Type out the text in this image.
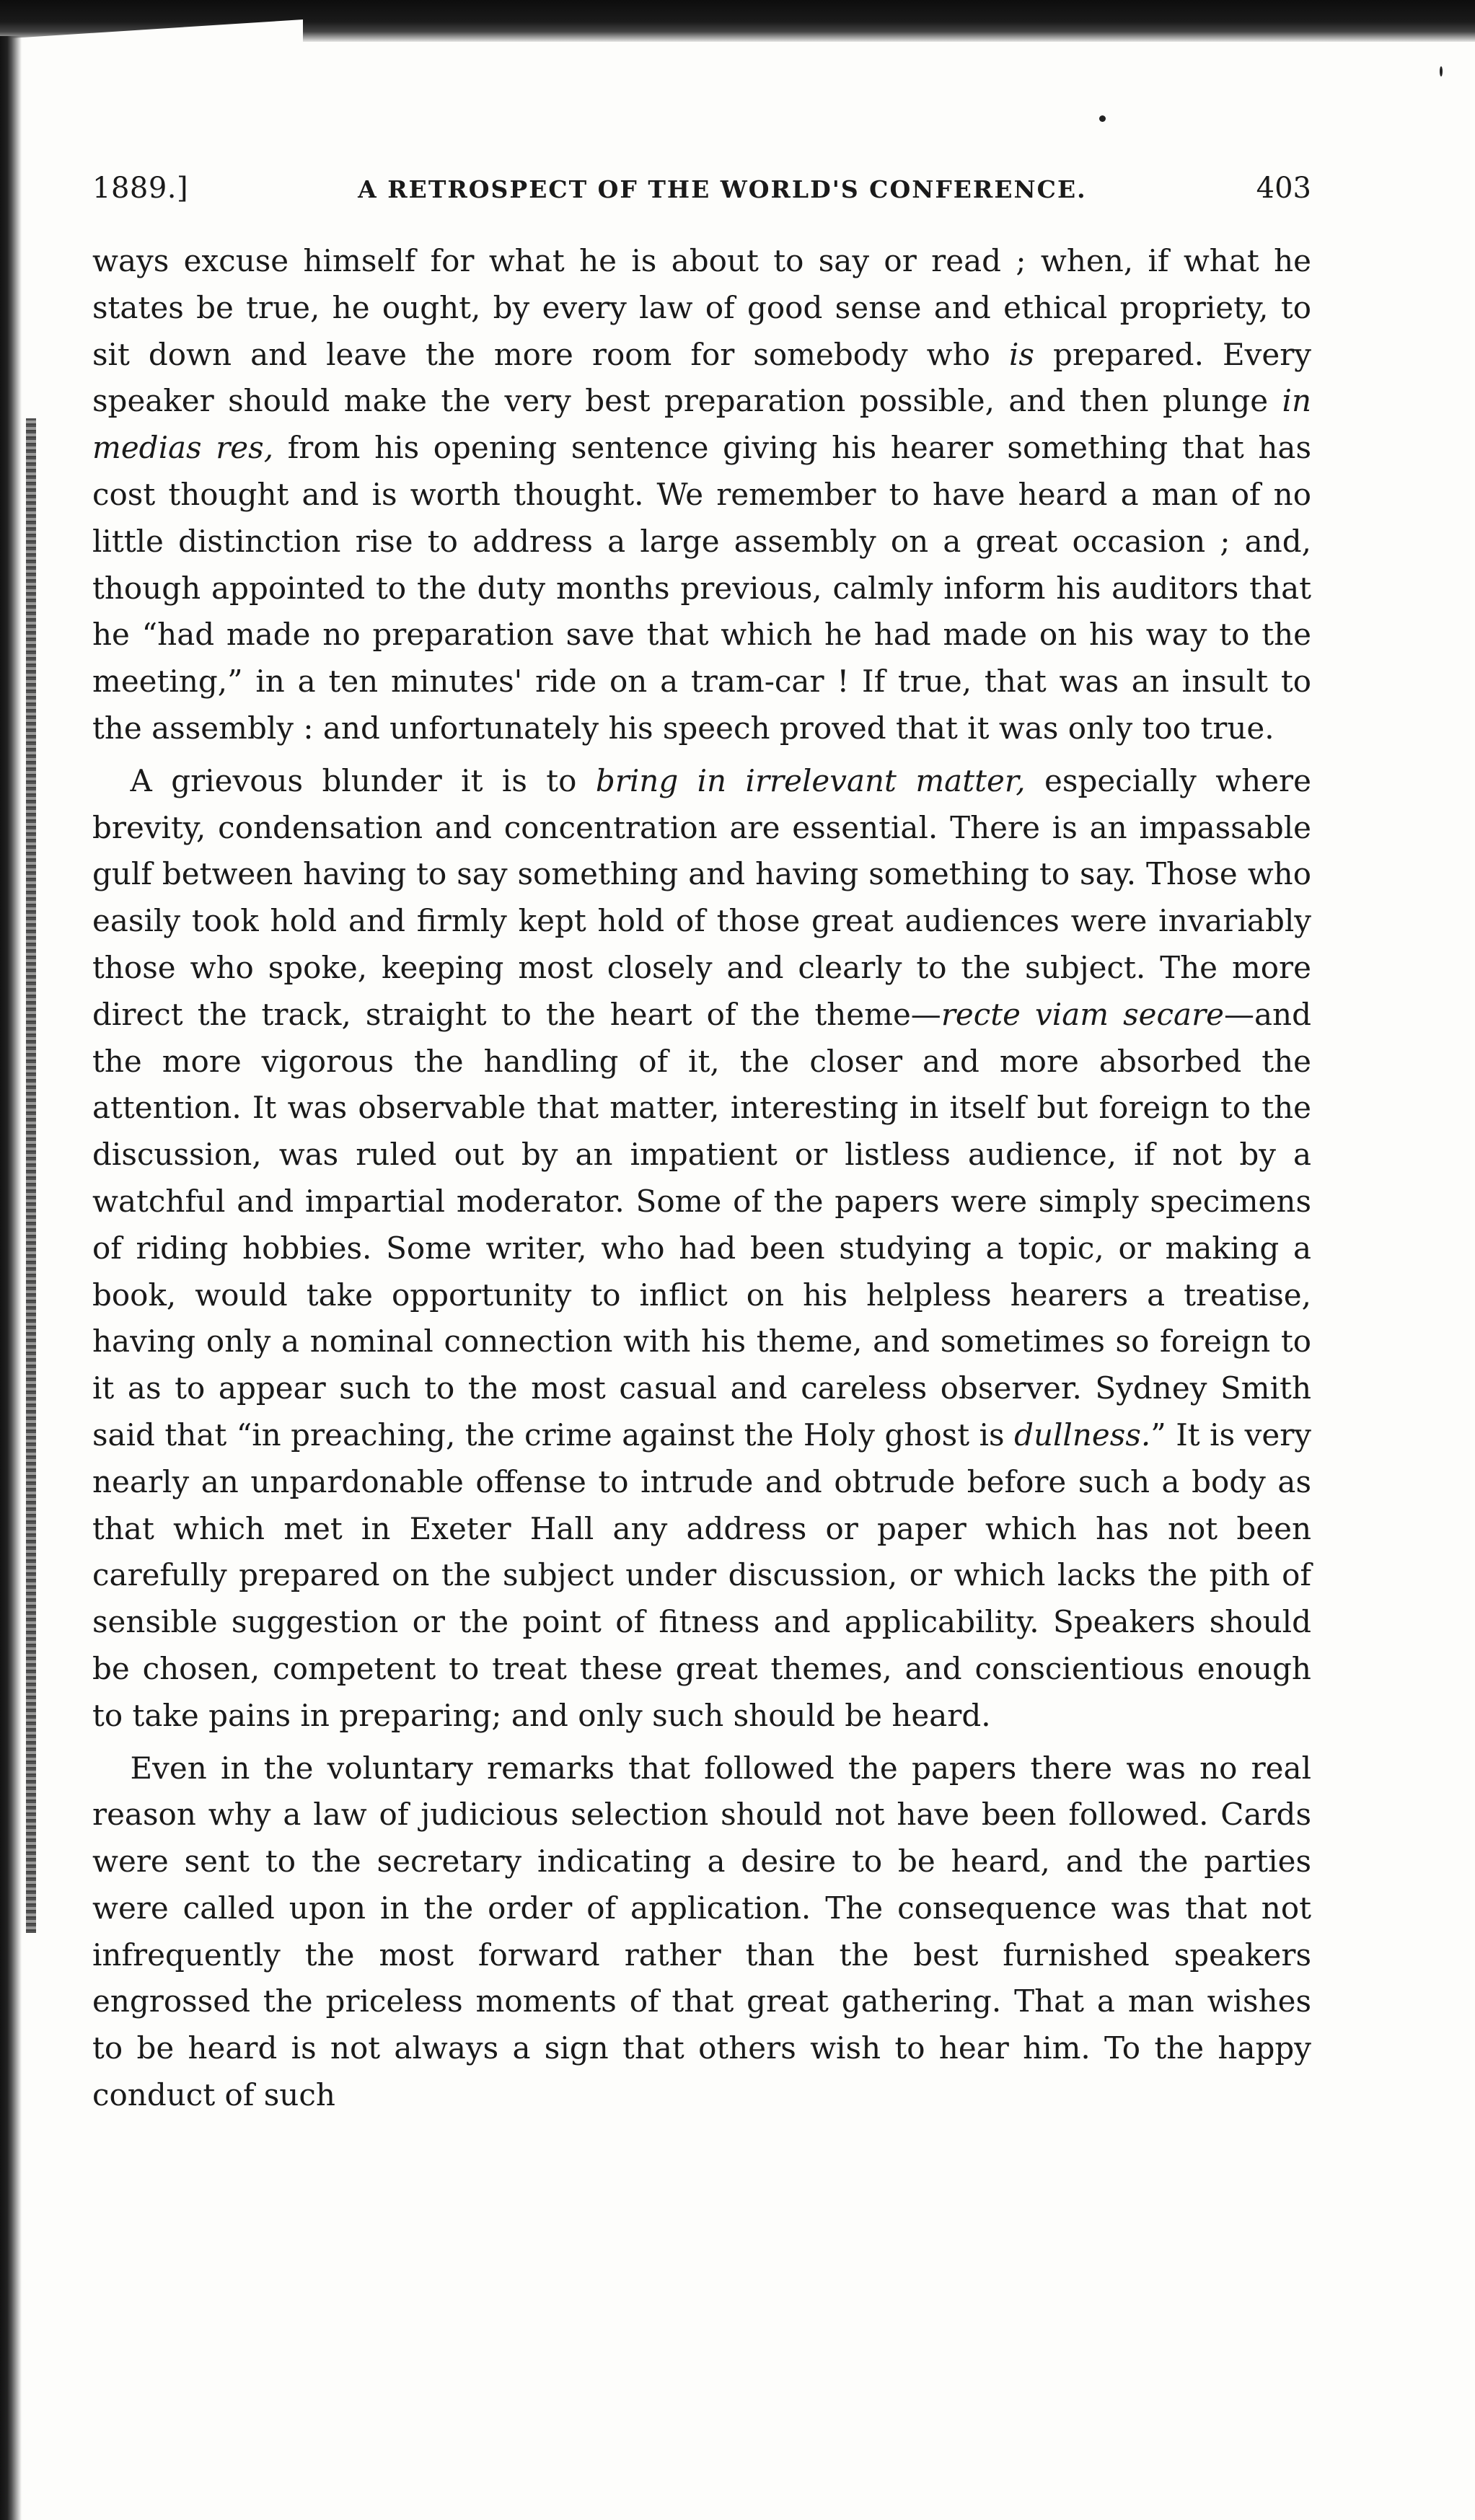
1889.]	A RETROSPECT OF THE WORLD'S CONFERENCE.	403

ways excuse himself for what he is about to say or read ; when, if what he states be true, he ought, by every law of good sense and ethical propriety, to sit down and leave the more room for somebody who is prepared. Every speaker should make the very best preparation possible, and then plunge in medias res, from his opening sentence giving his hearer something that has cost thought and is worth thought. We remember to have heard a man of no little distinction rise to address a large assembly on a great occasion ; and, though appointed to the duty months previous, calmly inform his auditors that he “had made no preparation save that which he had made on his way to the meeting,” in a ten minutes' ride on a tram-car ! If true, that was an insult to the assembly : and unfortunately his speech proved that it was only too true.

A grievous blunder it is to bring in irrelevant matter, especially where brevity, condensation and concentration are essential. There is an impassable gulf between having to say something and having something to say. Those who easily took hold and firmly kept hold of those great audiences were invariably those who spoke, keeping most closely and clearly to the subject. The more direct the track, straight to the heart of the theme—recte viam secare—and the more vigorous the handling of it, the closer and more absorbed the attention. It was observable that matter, interesting in itself but foreign to the discussion, was ruled out by an impatient or listless audience, if not by a watchful and impartial moderator. Some of the papers were simply specimens of riding hobbies. Some writer, who had been studying a topic, or making a book, would take opportunity to inflict on his helpless hearers a treatise, having only a nominal connection with his theme, and sometimes so foreign to it as to appear such to the most casual and careless observer. Sydney Smith said that “in preaching, the crime against the Holy ghost is dullness.” It is very nearly an unpardonable offense to intrude and obtrude before such a body as that which met in Exeter Hall any address or paper which has not been carefully prepared on the subject under discussion, or which lacks the pith of sensible suggestion or the point of fitness and applicability. Speakers should be chosen, competent to treat these great themes, and conscientious enough to take pains in preparing; and only such should be heard.

Even in the voluntary remarks that followed the papers there was no real reason why a law of judicious selection should not have been followed. Cards were sent to the secretary indicating a desire to be heard, and the parties were called upon in the order of application. The consequence was that not infrequently the most forward rather than the best furnished speakers engrossed the priceless moments of that great gathering. That a man wishes to be heard is not always a sign that others wish to hear him. To the happy conduct of such
